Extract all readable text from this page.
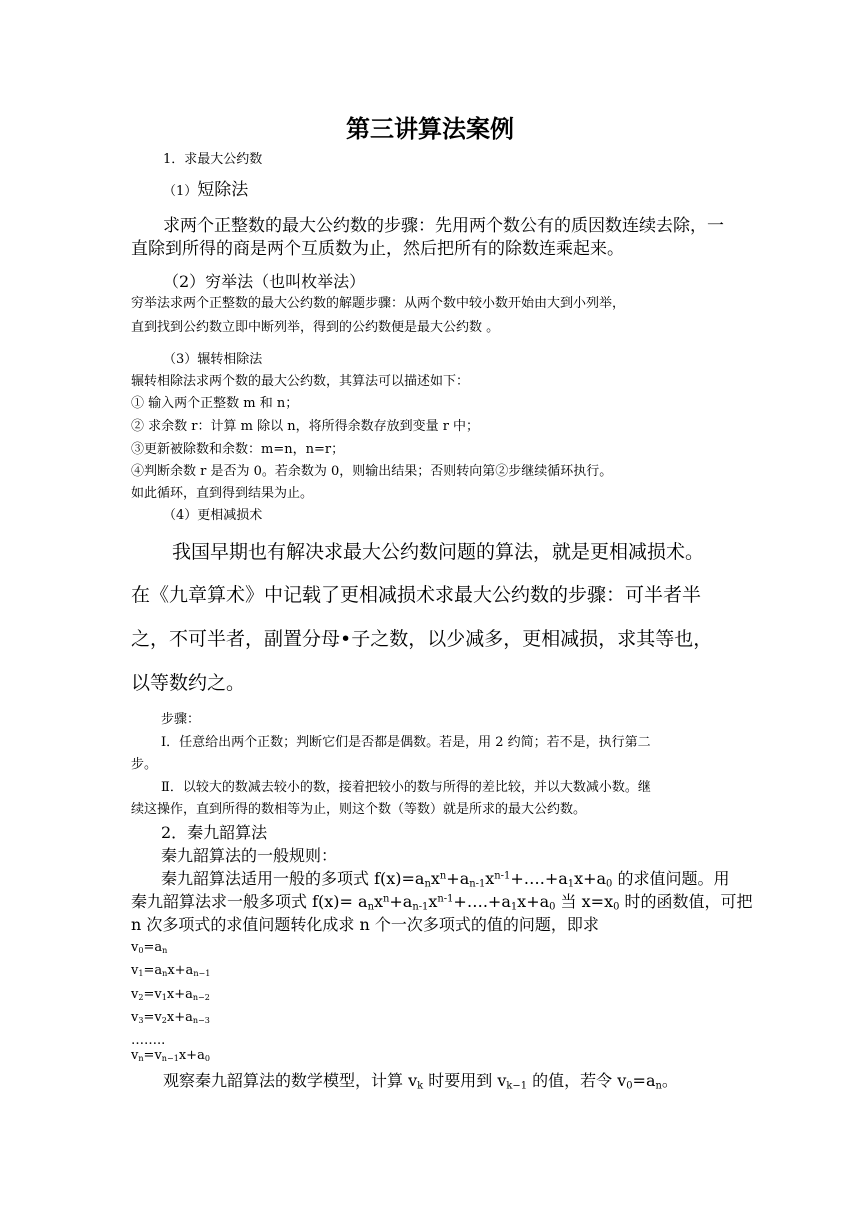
第三讲算法案例
1．求最大公约数
（1）短除法
求两个正整数的最大公约数的步骤：先用两个数公有的质因数连续去除，一
直除到所得的商是两个互质数为止，然后把所有的除数连乘起来。
（2）穷举法（也叫枚举法）
穷举法求两个正整数的最大公约数的解题步骤：从两个数中较小数开始由大到小列举，
直到找到公约数立即中断列举，得到的公约数便是最大公约数 。
（3）辗转相除法
辗转相除法求两个数的最大公约数，其算法可以描述如下：
① 输入两个正整数 m 和 n；
② 求余数 r：计算 m 除以 n，将所得余数存放到变量 r 中；
③更新被除数和余数：m=n，n=r；
④判断余数 r 是否为 0。若余数为 0，则输出结果；否则转向第②步继续循环执行。
如此循环，直到得到结果为止。
（4）更相减损术
我国早期也有解决求最大公约数问题的算法，就是更相减损术。
在《九章算术》中记载了更相减损术求最大公约数的步骤：可半者半
之，不可半者，副置分母•子之数，以少减多，更相减损，求其等也，
以等数约之。
步骤：
Ⅰ．任意给出两个正数；判断它们是否都是偶数。若是，用 2 约简；若不是，执行第二
步。
Ⅱ．以较大的数减去较小的数，接着把较小的数与所得的差比较，并以大数减小数。继
续这操作，直到所得的数相等为止，则这个数（等数）就是所求的最大公约数。
2．秦九韶算法
秦九韶算法的一般规则：
秦九韶算法适用一般的多项式 $f(x)=a_nx^n+a_{n-1}x^{n-1}+\dots.+a_1x+a_0$ 的求值问题。用
秦九韶算法求一般多项式 $f(x)= a_nx^n+a_{n-1}x^{n-1}+\dots.+a_1x+a_0$ 当 $x=x_0$ 时的函数值，可把
n 次多项式的求值问题转化成求 n 个一次多项式的值的问题，即求
$v_0=a_n$
$v_1=a_nx+a_{n-1}$
$v_2=v_1x+a_{n-2}$
$v_3=v_2x+a_{n-3}$
……..
$v_n=v_{n-1}x+a_0$
观察秦九韶算法的数学模型，计算 $v_k$ 时要用到 $v_{k-1}$ 的值，若令 $v_0=a_n$。
